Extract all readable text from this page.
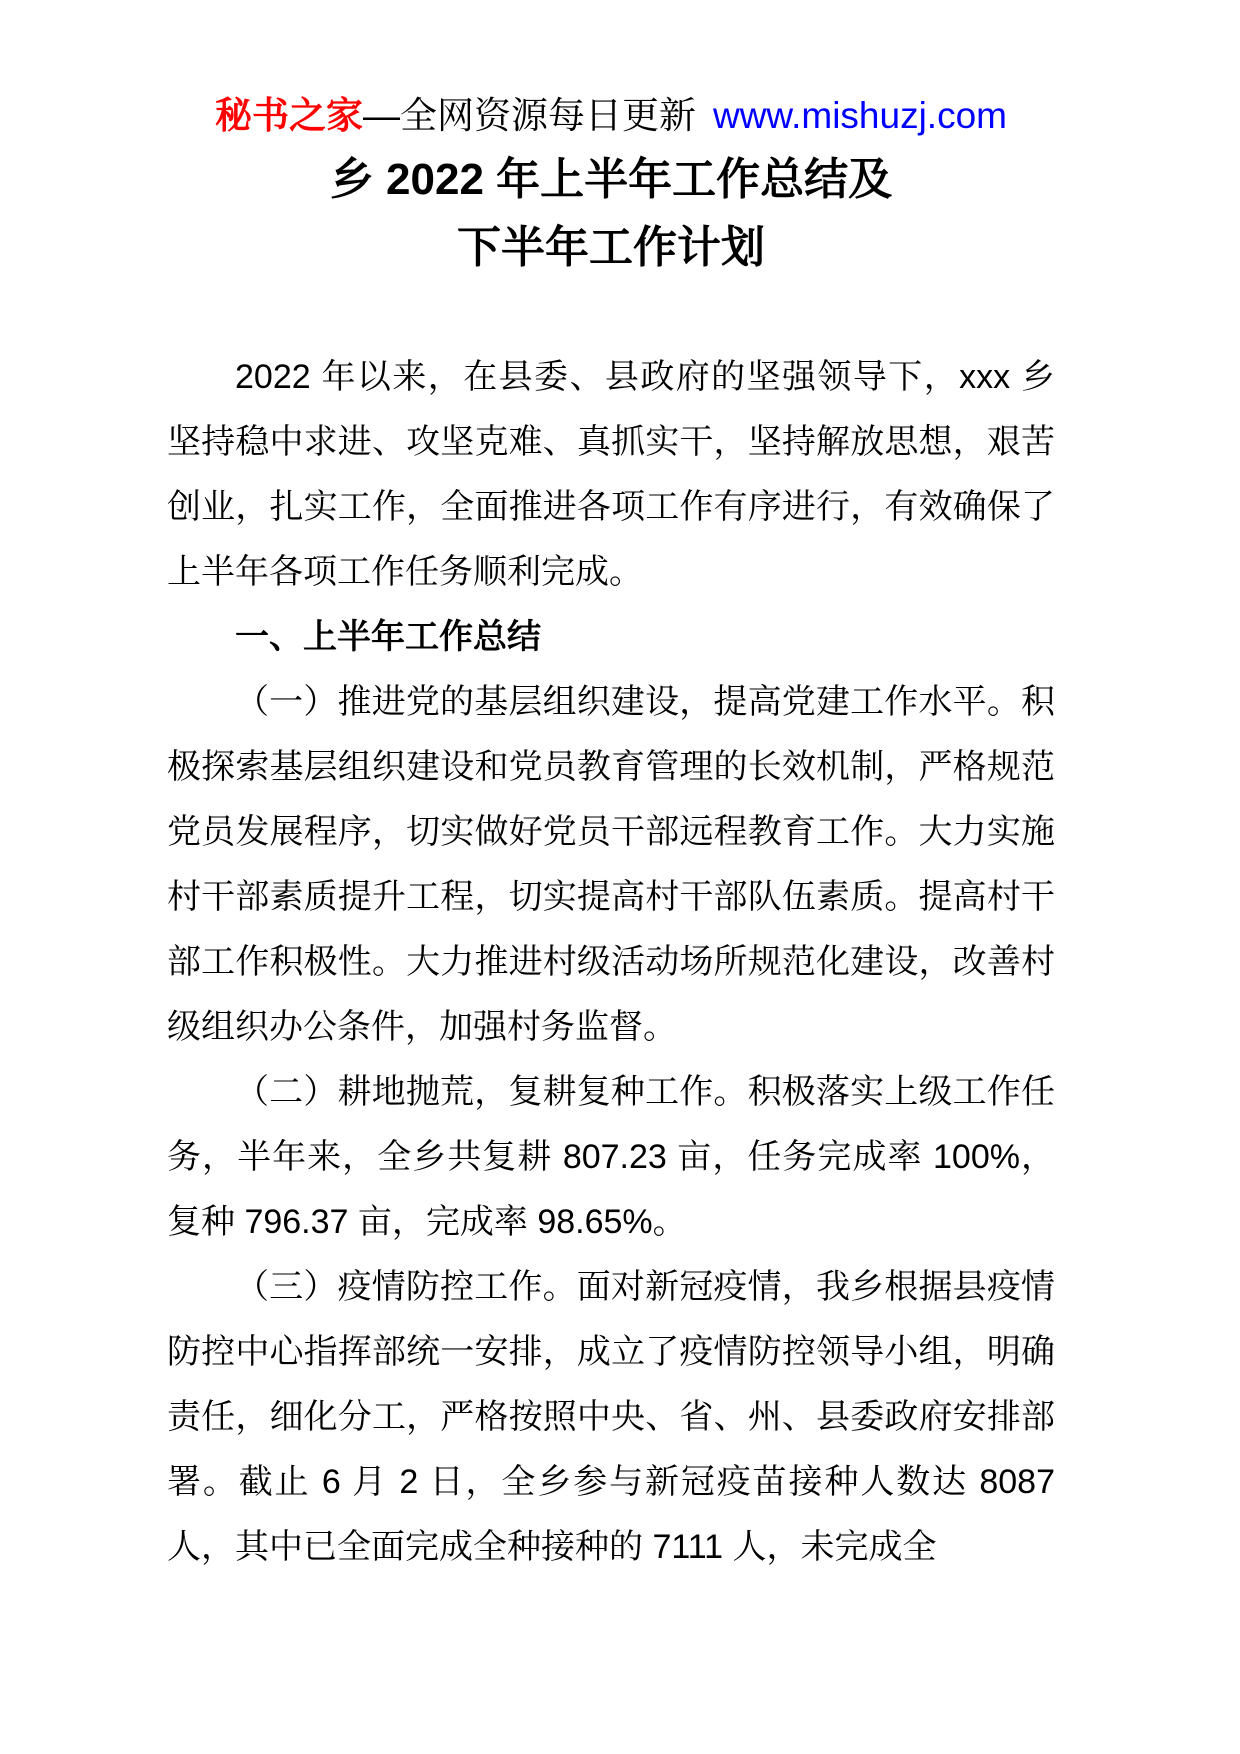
秘书之家—全网资源每日更新 www.mishuzj.com
乡 2022 年上半年工作总结及
下半年工作计划

2022 年以来，在县委、县政府的坚强领导下，xxx 乡坚持稳中求进、攻坚克难、真抓实干，坚持解放思想，艰苦创业，扎实工作，全面推进各项工作有序进行，有效确保了上半年各项工作任务顺利完成。

一、上半年工作总结

（一）推进党的基层组织建设，提高党建工作水平。积极探索基层组织建设和党员教育管理的长效机制，严格规范党员发展程序，切实做好党员干部远程教育工作。大力实施村干部素质提升工程，切实提高村干部队伍素质。提高村干部工作积极性。大力推进村级活动场所规范化建设，改善村级组织办公条件，加强村务监督。

（二）耕地抛荒，复耕复种工作。积极落实上级工作任务，半年来，全乡共复耕 807.23 亩，任务完成率 100%，复种 796.37 亩，完成率 98.65%。

（三）疫情防控工作。面对新冠疫情，我乡根据县疫情防控中心指挥部统一安排，成立了疫情防控领导小组，明确责任，细化分工，严格按照中央、省、州、县委政府安排部署。截止 6 月 2 日，全乡参与新冠疫苗接种人数达 8087 人，其中已全面完成全种接种的 7111 人，未完成全
